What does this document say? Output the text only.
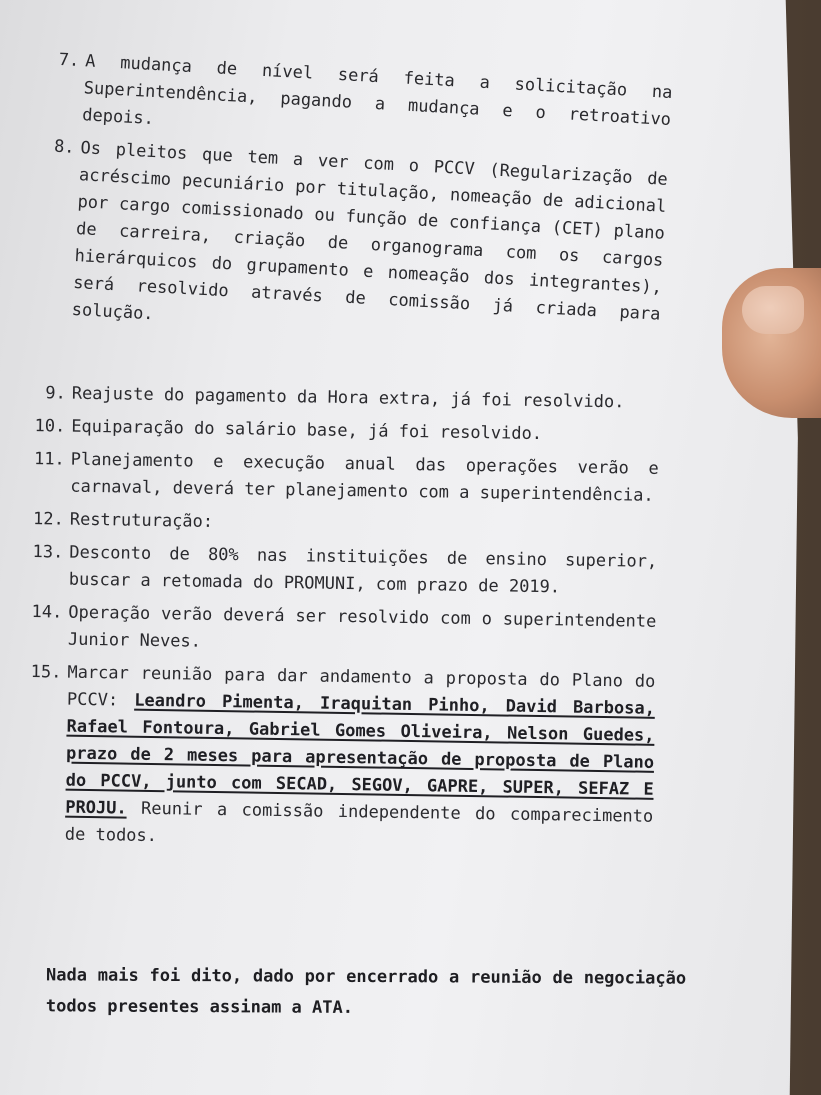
7. A mudança de nível será feita a solicitação na Superintendência, pagando a mudança e o retroativo depois.
8. Os pleitos que tem a ver com o PCCV (Regularização de acréscimo pecuniário por titulação, nomeação de adicional por cargo comissionado ou função de confiança (CET) plano de carreira, criação de organograma com os cargos hierárquicos do grupamento e nomeação dos integrantes), será resolvido através de comissão já criada para solução.
9. Reajuste do pagamento da Hora extra, já foi resolvido.
10. Equiparação do salário base, já foi resolvido.
11. Planejamento e execução anual das operações verão e carnaval, deverá ter planejamento com a superintendência.
12. Restruturação:
13. Desconto de 80% nas instituições de ensino superior, buscar a retomada do PROMUNI, com prazo de 2019.
14. Operação verão deverá ser resolvido com o superintendente Junior Neves.
15. Marcar reunião para dar andamento a proposta do Plano do PCCV: Leandro Pimenta, Iraquitan Pinho, David Barbosa, Rafael Fontoura, Gabriel Gomes Oliveira, Nelson Guedes, prazo de 2 meses para apresentação de proposta de Plano do PCCV, junto com SECAD, SEGOV, GAPRE, SUPER, SEFAZ E PROJU. Reunir a comissão independente do comparecimento de todos.
Nada mais foi dito, dado por encerrado a reunião de negociação todos presentes assinam a ATA.
